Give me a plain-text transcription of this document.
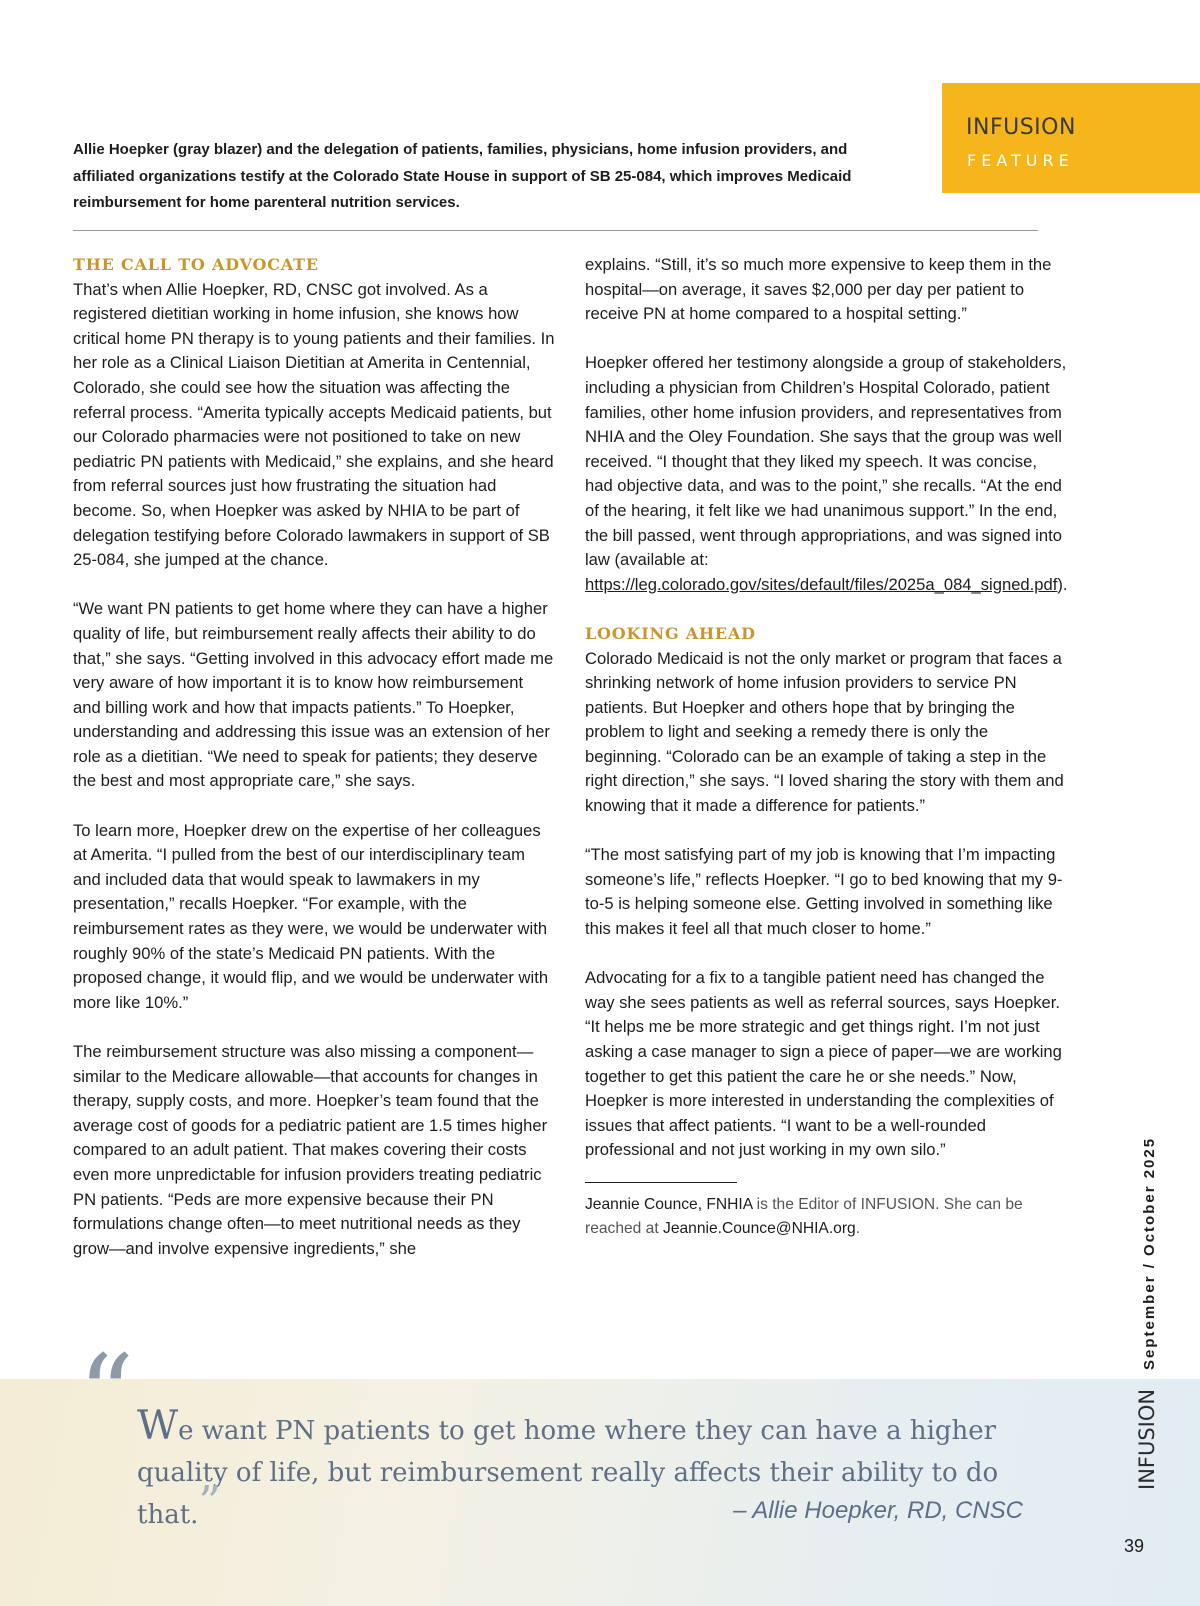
INFUSION
FEATURE

Allie Hoepker (gray blazer) and the delegation of patients, families, physicians, home infusion providers, and affiliated organizations testify at the Colorado State House in support of SB 25-084, which improves Medicaid reimbursement for home parenteral nutrition services.

THE CALL TO ADVOCATE

That’s when Allie Hoepker, RD, CNSC got involved. As a registered dietitian working in home infusion, she knows how critical home PN therapy is to young patients and their families. In her role as a Clinical Liaison Dietitian at Amerita in Centennial, Colorado, she could see how the situation was affecting the referral process. “Amerita typically accepts Medicaid patients, but our Colorado pharmacies were not positioned to take on new pediatric PN patients with Medicaid,” she explains, and she heard from referral sources just how frustrating the situation had become. So, when Hoepker was asked by NHIA to be part of delegation testifying before Colorado lawmakers in support of SB 25-084, she jumped at the chance.

“We want PN patients to get home where they can have a higher quality of life, but reimbursement really affects their ability to do that,” she says. “Getting involved in this advocacy effort made me very aware of how important it is to know how reimbursement and billing work and how that impacts patients.” To Hoepker, understanding and addressing this issue was an extension of her role as a dietitian. “We need to speak for patients; they deserve the best and most appropriate care,” she says.

To learn more, Hoepker drew on the expertise of her colleagues at Amerita. “I pulled from the best of our interdisciplinary team and included data that would speak to lawmakers in my presentation,” recalls Hoepker. “For example, with the reimbursement rates as they were, we would be underwater with roughly 90% of the state’s Medicaid PN patients. With the proposed change, it would flip, and we would be underwater with more like 10%.”

The reimbursement structure was also missing a component—similar to the Medicare allowable—that accounts for changes in therapy, supply costs, and more. Hoepker’s team found that the average cost of goods for a pediatric patient are 1.5 times higher compared to an adult patient. That makes covering their costs even more unpredictable for infusion providers treating pediatric PN patients. “Peds are more expensive because their PN formulations change often—to meet nutritional needs as they grow—and involve expensive ingredients,” she

explains. “Still, it’s so much more expensive to keep them in the hospital—on average, it saves $2,000 per day per patient to receive PN at home compared to a hospital setting.”

Hoepker offered her testimony alongside a group of stakeholders, including a physician from Children’s Hospital Colorado, patient families, other home infusion providers, and representatives from NHIA and the Oley Foundation. She says that the group was well received. “I thought that they liked my speech. It was concise, had objective data, and was to the point,” she recalls. “At the end of the hearing, it felt like we had unanimous support.” In the end, the bill passed, went through appropriations, and was signed into law (available at: https://leg.colorado.gov/sites/default/files/2025a_084_signed.pdf).

LOOKING AHEAD

Colorado Medicaid is not the only market or program that faces a shrinking network of home infusion providers to service PN patients. But Hoepker and others hope that by bringing the problem to light and seeking a remedy there is only the beginning. “Colorado can be an example of taking a step in the right direction,” she says. “I loved sharing the story with them and knowing that it made a difference for patients.”

“The most satisfying part of my job is knowing that I’m impacting someone’s life,” reflects Hoepker. “I go to bed knowing that my 9-to-5 is helping someone else. Getting involved in something like this makes it feel all that much closer to home.”

Advocating for a fix to a tangible patient need has changed the way she sees patients as well as referral sources, says Hoepker. “It helps me be more strategic and get things right. I’m not just asking a case manager to sign a piece of paper—we are working together to get this patient the care he or she needs.” Now, Hoepker is more interested in understanding the complexities of issues that affect patients. “I want to be a well-rounded professional and not just working in my own silo.”

Jeannie Counce, FNHIA is the Editor of INFUSION. She can be reached at Jeannie.Counce@NHIA.org.
“ We want PN patients to get home where they can have a higher quality of life, but reimbursement really affects their ability to do that.”	– Allie Hoepker, RD, CNSC
September / October 2025
INFUSION
39
